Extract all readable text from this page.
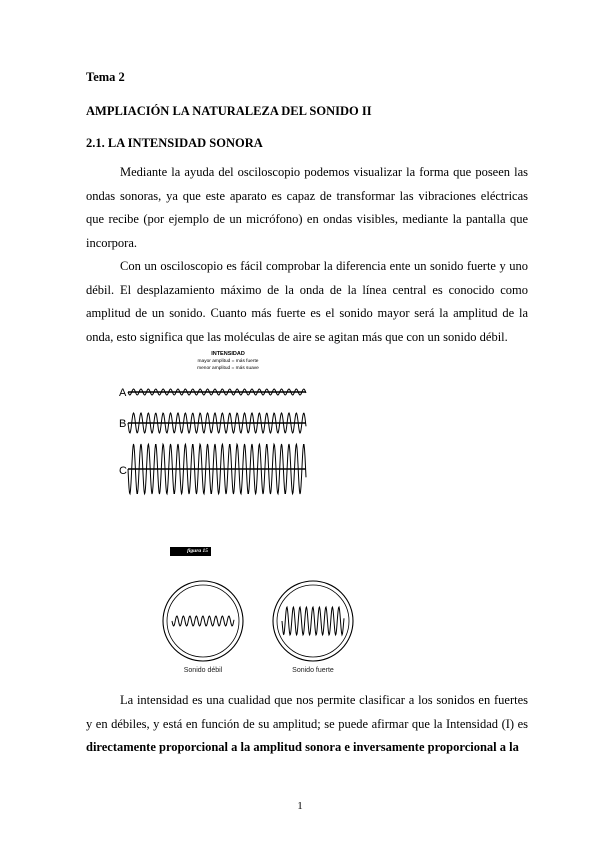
Tema 2
AMPLIACIÓN LA NATURALEZA DEL SONIDO II
2.1. LA INTENSIDAD SONORA

Mediante la ayuda del osciloscopio podemos visualizar la forma que poseen las ondas sonoras, ya que este aparato es capaz de transformar las vibraciones eléctricas que recibe (por ejemplo de un micrófono) en ondas visibles, mediante la pantalla que incorpora.

Con un osciloscopio es fácil comprobar la diferencia ente un sonido fuerte y uno débil. El desplazamiento máximo de la onda de la línea central es conocido como amplitud de un sonido. Cuanto más fuerte es el sonido mayor será la amplitud de la onda, esto significa que las moléculas de aire se agitan más que con un sonido débil.

INTENSIDAD
mayor amplitud = más fuerte
menor amplitud = más suave
A
B
C
figura 15
Sonido débil	Sonido fuerte

La intensidad es una cualidad que nos permite clasificar a los sonidos en fuertes y en débiles, y está en función de su amplitud; se puede afirmar que la Intensidad (I) es directamente proporcional a la amplitud sonora e inversamente proporcional a la

1
